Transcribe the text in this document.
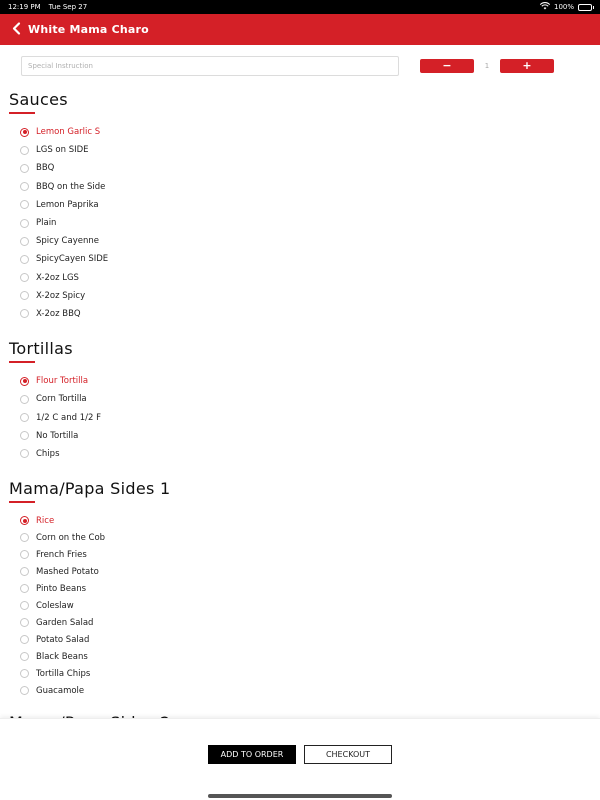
12:19 PM Tue Sep 27	100%
White Mama Charo
Special Instruction
−	1	+
Sauces
Lemon Garlic S
LGS on SIDE
BBQ
BBQ on the Side
Lemon Paprika
Plain
Spicy Cayenne
SpicyCayen SIDE
X-2oz LGS
X-2oz Spicy
X-2oz BBQ
Tortillas
Flour Tortilla
Corn Tortilla
1/2 C and 1/2 F
No Tortilla
Chips
Mama/Papa Sides 1
Rice
Corn on the Cob
French Fries
Mashed Potato
Pinto Beans
Coleslaw
Garden Salad
Potato Salad
Black Beans
Tortilla Chips
Guacamole
ADD TO ORDER	CHECKOUT
